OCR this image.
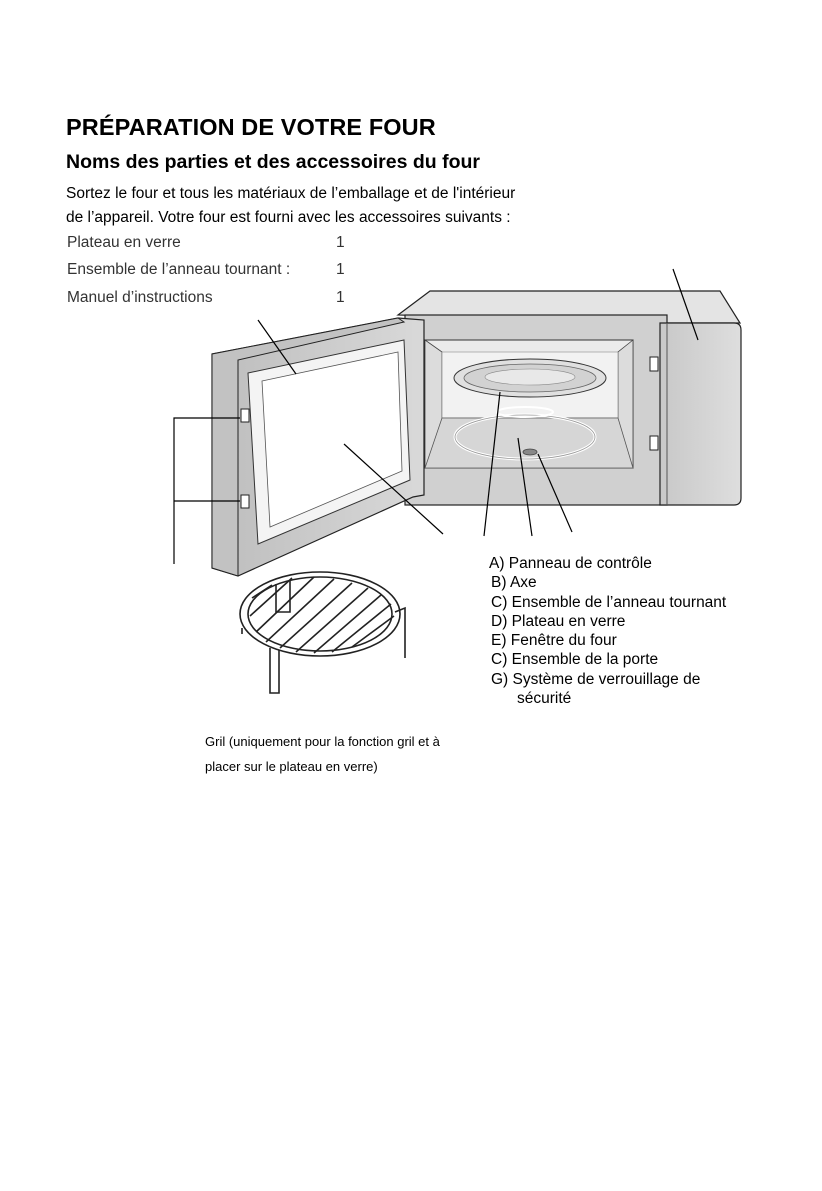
PRÉPARATION DE VOTRE FOUR
Noms des parties et des accessoires du four
Sortez le four et tous les matériaux de l’emballage et de l'intérieur
de l’appareil. Votre four est fourni avec les accessoires suivants :
Plateau en verre	1
Ensemble de l’anneau tournant :	1
Manuel d’instructions	1
A) Panneau de contrôle
B) Axe
C) Ensemble de l’anneau tournant
D) Plateau en verre
E) Fenêtre du four
C) Ensemble de la porte
G) Système de verrouillage de
sécurité
Gril (uniquement pour la fonction gril et à
placer sur le plateau en verre)
